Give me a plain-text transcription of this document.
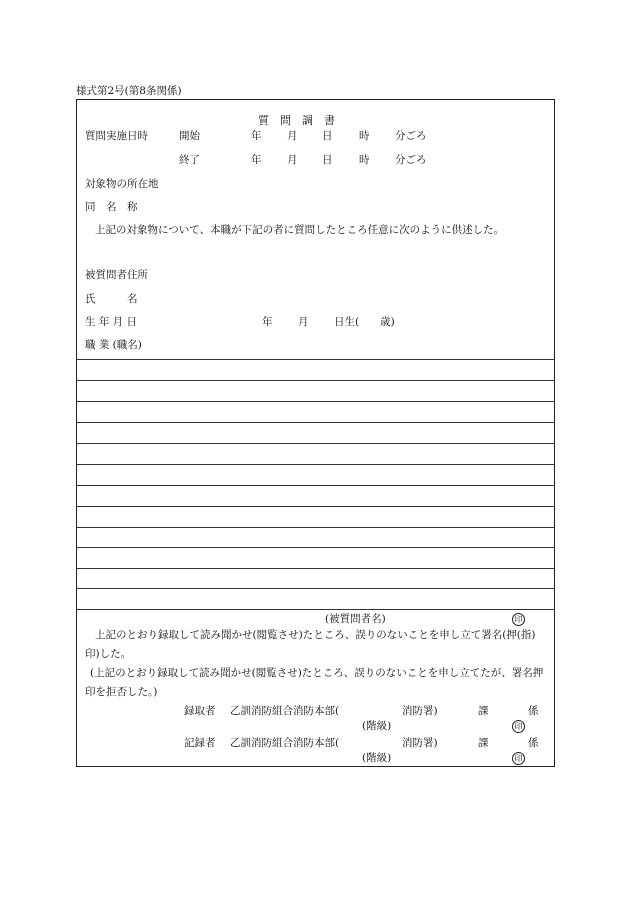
様式第2号(第8条関係)
質　問　調　書
質問実施日時	開始	年 月 日	時 分ごろ
終了	年 月 日	時 分ごろ
対象物の所在地
同　名　称
上記の対象物について、本職が下記の者に質問したところ任意に次のように供述した。
被質問者住所
氏　　　名
生 年 月 日	年 月 日生(　　歳)
職 業 (職名)
(被質問者名)	印
上記のとおり録取して読み聞かせ(閲覧させ)たところ、誤りのないことを申し立て署名(押(指)印)した。
(上記のとおり録取して読み聞かせ(閲覧させ)たところ、誤りのないことを申し立てたが、署名押印を拒否した。)
録取者 乙訓消防組合消防本部(	消防署)	課	係
(階級)	印
記録者 乙訓消防組合消防本部(	消防署)	課	係
(階級)	印
